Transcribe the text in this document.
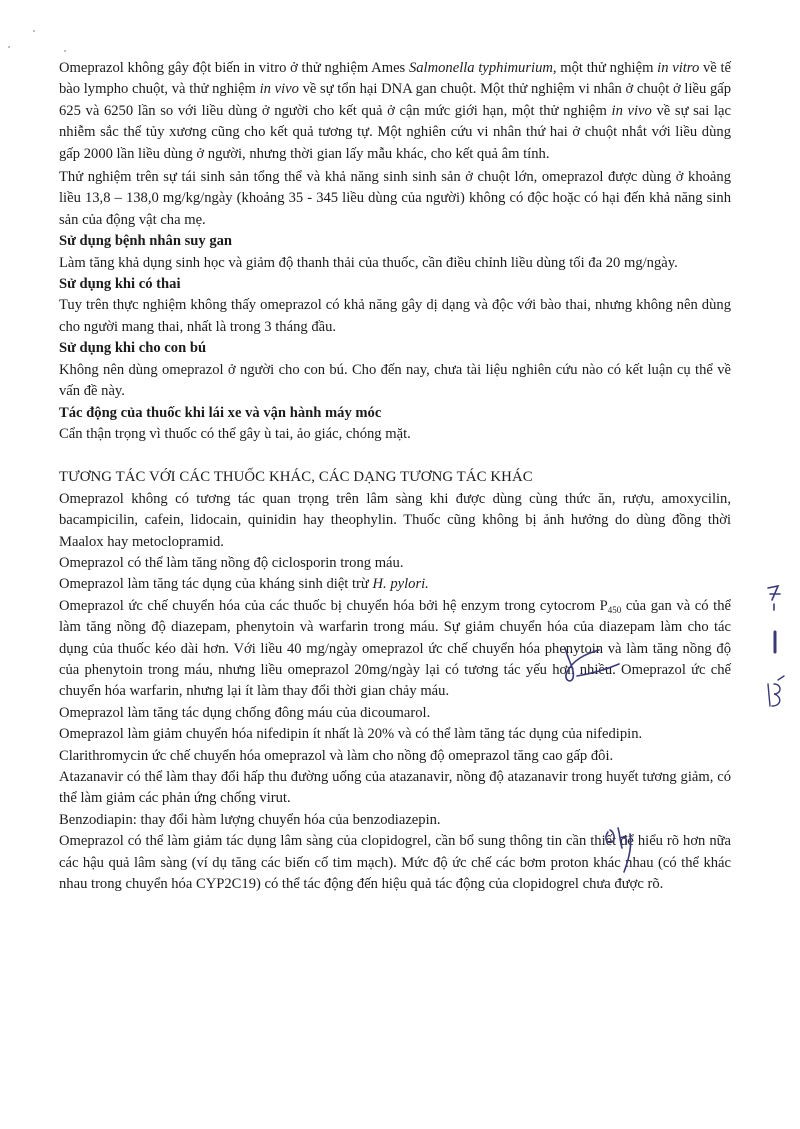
Omeprazol không gây đột biến in vitro ở thử nghiệm Ames Salmonella typhimurium, một thử nghiệm in vitro về tế bào lympho chuột, và thử nghiệm in vivo về sự tổn hại DNA gan chuột. Một thử nghiệm vi nhân ở chuột ở liều gấp 625 và 6250 lần so với liều dùng ở người cho kết quả ở cận mức giới hạn, một thử nghiệm in vivo về sự sai lạc nhiễm sắc thể tủy xương cũng cho kết quả tương tự. Một nghiên cứu vi nhân thứ hai ở chuột nhắt với liều dùng gấp 2000 lần liều dùng ở người, nhưng thời gian lấy mẫu khác, cho kết quả âm tính.

Thử nghiệm trên sự tái sinh sản tổng thể và khả năng sinh sinh sản ở chuột lớn, omeprazol được dùng ở khoảng liều 13,8 – 138,0 mg/kg/ngày (khoảng 35 - 345 liều dùng của người) không có độc hoặc có hại đến khả năng sinh sản của động vật cha mẹ.

Sử dụng bệnh nhân suy gan

Làm tăng khả dụng sinh học và giảm độ thanh thải của thuốc, cần điều chỉnh liều dùng tối đa 20 mg/ngày.

Sử dụng khi có thai

Tuy trên thực nghiệm không thấy omeprazol có khả năng gây dị dạng và độc với bào thai, nhưng không nên dùng cho người mang thai, nhất là trong 3 tháng đầu.

Sử dụng khi cho con bú

Không nên dùng omeprazol ở người cho con bú. Cho đến nay, chưa tài liệu nghiên cứu nào có kết luận cụ thể về vấn đề này.

Tác động của thuốc khi lái xe và vận hành máy móc

Cẩn thận trọng vì thuốc có thể gây ù tai, ảo giác, chóng mặt.

TƯƠNG TÁC VỚI CÁC THUỐC KHÁC, CÁC DẠNG TƯƠNG TÁC KHÁC

Omeprazol không có tương tác quan trọng trên lâm sàng khi được dùng cùng thức ăn, rượu, amoxycilin, bacampicilin, cafein, lidocain, quinidin hay theophylin. Thuốc cũng không bị ảnh hưởng do dùng đồng thời Maalox hay metoclopramid.

Omeprazol có thể làm tăng nồng độ ciclosporin trong máu.

Omeprazol làm tăng tác dụng của kháng sinh diệt trừ H. pylori.

Omeprazol ức chế chuyển hóa của các thuốc bị chuyển hóa bởi hệ enzym trong cytocrom $P_{450}$ của gan và có thể làm tăng nồng độ diazepam, phenytoin và warfarin trong máu. Sự giảm chuyển hóa của diazepam làm cho tác dụng của thuốc kéo dài hơn. Với liều 40 mg/ngày omeprazol ức chế chuyển hóa phenytoin và làm tăng nồng độ của phenytoin trong máu, nhưng liều omeprazol 20mg/ngày lại có tương tác yếu hơn nhiều. Omeprazol ức chế chuyển hóa warfarin, nhưng lại ít làm thay đổi thời gian chảy máu.

Omeprazol làm tăng tác dụng chống đông máu của dicoumarol.

Omeprazol làm giảm chuyển hóa nifedipin ít nhất là 20% và có thể làm tăng tác dụng của nifedipin.

Clarithromycin ức chế chuyển hóa omeprazol và làm cho nồng độ omeprazol tăng cao gấp đôi.

Atazanavir có thể làm thay đổi hấp thu đường uống của atazanavir, nồng độ atazanavir trong huyết tương giảm, có thể làm giảm các phản ứng chống virut.

Benzodiapin: thay đổi hàm lượng chuyển hóa của benzodiazepin.

Omeprazol có thể làm giảm tác dụng lâm sàng của clopidogrel, cần bổ sung thông tin cần thiết để hiểu rõ hơn nữa các hậu quả lâm sàng (ví dụ tăng các biến cố tim mạch). Mức độ ức chế các bơm proton khác nhau (có thể khác nhau trong chuyển hóa CYP2C19) có thể tác động đến hiệu quả tác động của clopidogrel chưa được rõ.
